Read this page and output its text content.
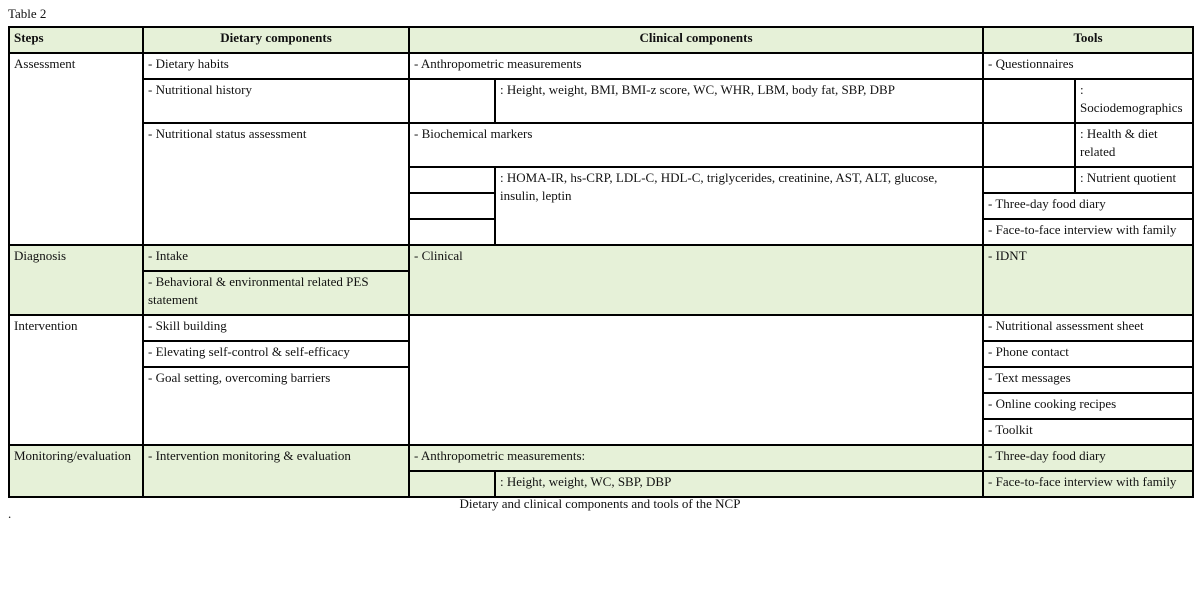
Table 2
Steps	Dietary components	Clinical components		Tools	
Assessment	- Dietary habits	- Anthropometric measurements		- Questionnaires	
	- Nutritional history		: Height, weight, BMI, BMI-z score, WC, WHR, LBM, body fat, SBP, DBP		: Sociodemographics
	- Nutritional status assessment	- Biochemical markers			: Health & diet related
			: HOMA-IR, hs-CRP, LDL-C, HDL-C, triglycerides, creatinine, AST, ALT, glucose, insulin, leptin		: Nutrient quotient
				- Three-day food diary	
				- Face-to-face interview with family	
Diagnosis	- Intake	- Clinical		- IDNT	
	- Behavioral & environmental related PES statement				
Intervention	- Skill building			- Nutritional assessment sheet	
	- Elevating self-control & self-efficacy			- Phone contact	
	- Goal setting, overcoming barriers			- Text messages	
				- Online cooking recipes	
				- Toolkit	
Monitoring/evaluation	- Intervention monitoring & evaluation	- Anthropometric measurements:		- Three-day food diary	
			: Height, weight, WC, SBP, DBP	- Face-to-face interview with family	
Dietary and clinical components and tools of the NCP
.
